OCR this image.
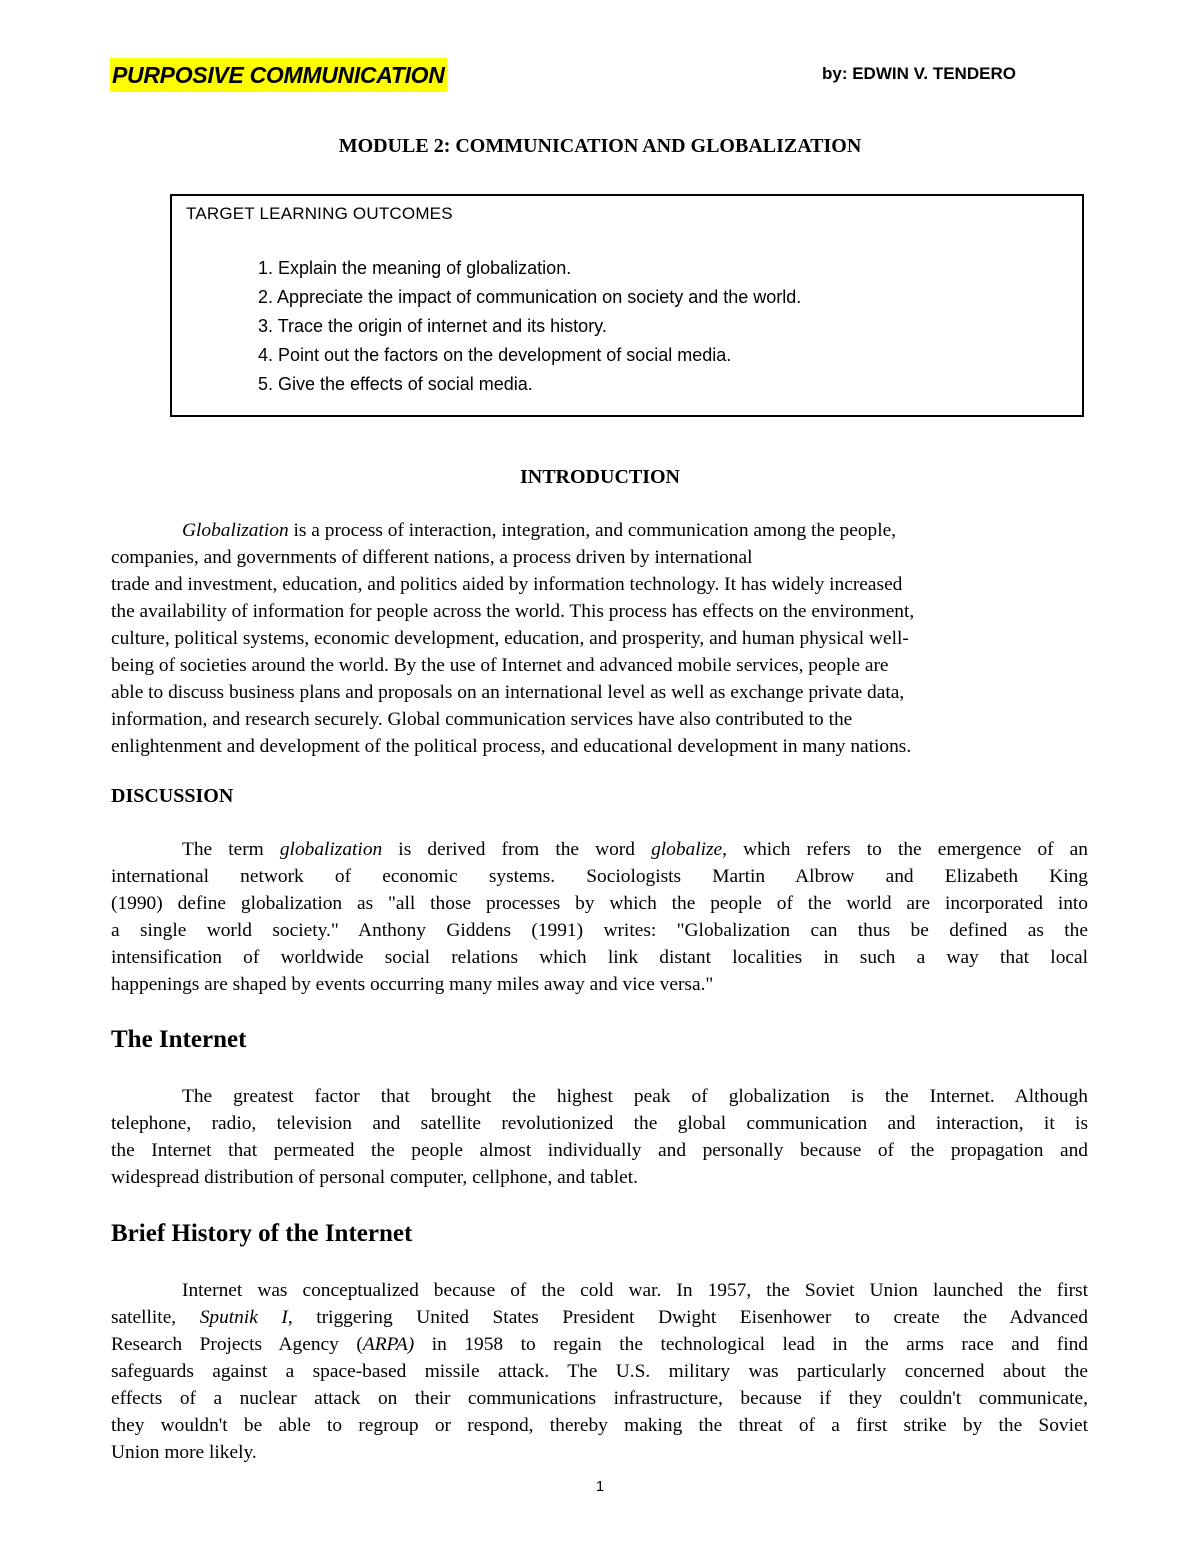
PURPOSIVE COMMUNICATION	by: EDWIN V. TENDERO
MODULE 2: COMMUNICATION AND GLOBALIZATION
TARGET LEARNING OUTCOMES
1. Explain the meaning of globalization.
2. Appreciate the impact of communication on society and the world.
3. Trace the origin of internet and its history.
4. Point out the factors on the development of social media.
5. Give the effects of social media.
INTRODUCTION
Globalization is a process of interaction, integration, and communication among the people,
companies, and governments of different nations, a process driven by international
trade and investment, education, and politics aided by information technology. It has widely increased
the availability of information for people across the world. This process has effects on the environment,
culture, political systems, economic development, education, and prosperity, and human physical well-
being of societies around the world. By the use of Internet and advanced mobile services, people are
able to discuss business plans and proposals on an international level as well as exchange private data,
information, and research securely. Global communication services have also contributed to the
enlightenment and development of the political process, and educational development in many nations.
DISCUSSION
The term globalization is derived from the word globalize, which refers to the emergence of an
international network of economic systems. Sociologists Martin Albrow and Elizabeth King
(1990) define globalization as "all those processes by which the people of the world are incorporated into
a single world society." Anthony Giddens (1991) writes: "Globalization can thus be defined as the
intensification of worldwide social relations which link distant localities in such a way that local
happenings are shaped by events occurring many miles away and vice versa."
The Internet
The greatest factor that brought the highest peak of globalization is the Internet. Although
telephone, radio, television and satellite revolutionized the global communication and interaction, it is
the Internet that permeated the people almost individually and personally because of the propagation and
widespread distribution of personal computer, cellphone, and tablet.
Brief History of the Internet
Internet was conceptualized because of the cold war. In 1957, the Soviet Union launched the first
satellite, Sputnik I, triggering United States President Dwight Eisenhower to create the Advanced
Research Projects Agency (ARPA) in 1958 to regain the technological lead in the arms race and find
safeguards against a space-based missile attack. The U.S. military was particularly concerned about the
effects of a nuclear attack on their communications infrastructure, because if they couldn't communicate,
they wouldn't be able to regroup or respond, thereby making the threat of a first strike by the Soviet
Union more likely.
1
